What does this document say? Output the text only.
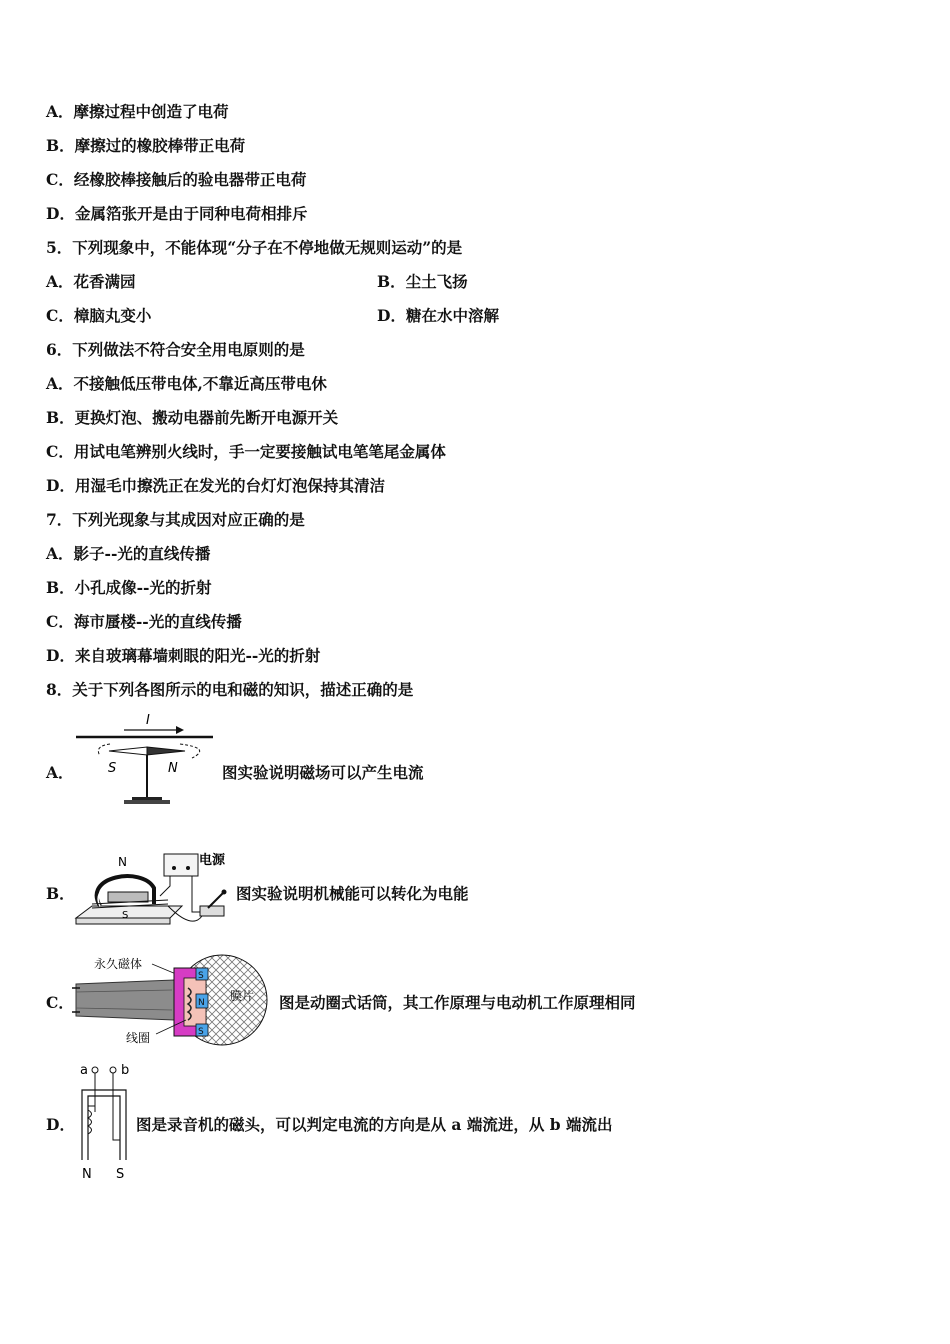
A．摩擦过程中创造了电荷
B．摩擦过的橡胶棒带正电荷
C．经橡胶棒接触后的验电器带正电荷
D．金属箔张开是由于同种电荷相排斥
5．下列现象中，不能体现“分子在不停地做无规则运动”的是
A．花香满园	B．尘土飞扬
C．樟脑丸变小	D．糖在水中溶解
6．下列做法不符合安全用电原则的是
A．不接触低压带电体,不靠近高压带电休
B．更换灯泡、搬动电器前先断开电源开关
C．用试电笔辨别火线时，手一定要接触试电笔笔尾金属体
D．用湿毛巾擦洗正在发光的台灯灯泡保持其清洁
7．下列光现象与其成因对应正确的是
A．影子--光的直线传播
B．小孔成像--光的折射
C．海市蜃楼--光的直线传播
D．来自玻璃幕墙刺眼的阳光--光的折射
8．关于下列各图所示的电和磁的知识，描述正确的是
A．
I
S	N	图实验说明磁场可以产生电流
B．
N
S
电源
图实验说明机械能可以转化为电能
C．
永久磁体
膜片
S
N
S
线圈
图是动圈式话筒，其工作原理与电动机工作原理相同
D．
a	b
N S
图是录音机的磁头，可以判定电流的方向是从 a 端流进，从 b 端流出
